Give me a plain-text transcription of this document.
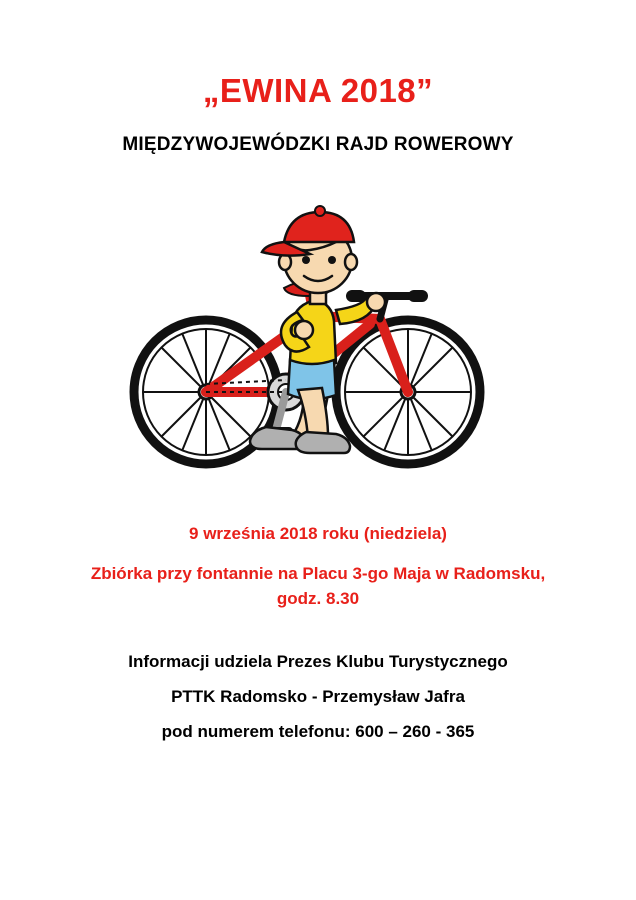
„EWINA 2018”
MIĘDZYWOJEWÓDZKI RAJD ROWEROWY

9 września 2018 roku (niedziela)

Zbiórka przy fontannie na Placu 3-go Maja w Radomsku, godz. 8.30

Informacji udziela Prezes Klubu Turystycznego

PTTK Radomsko - Przemysław Jafra

pod numerem telefonu: 600 – 260 - 365
